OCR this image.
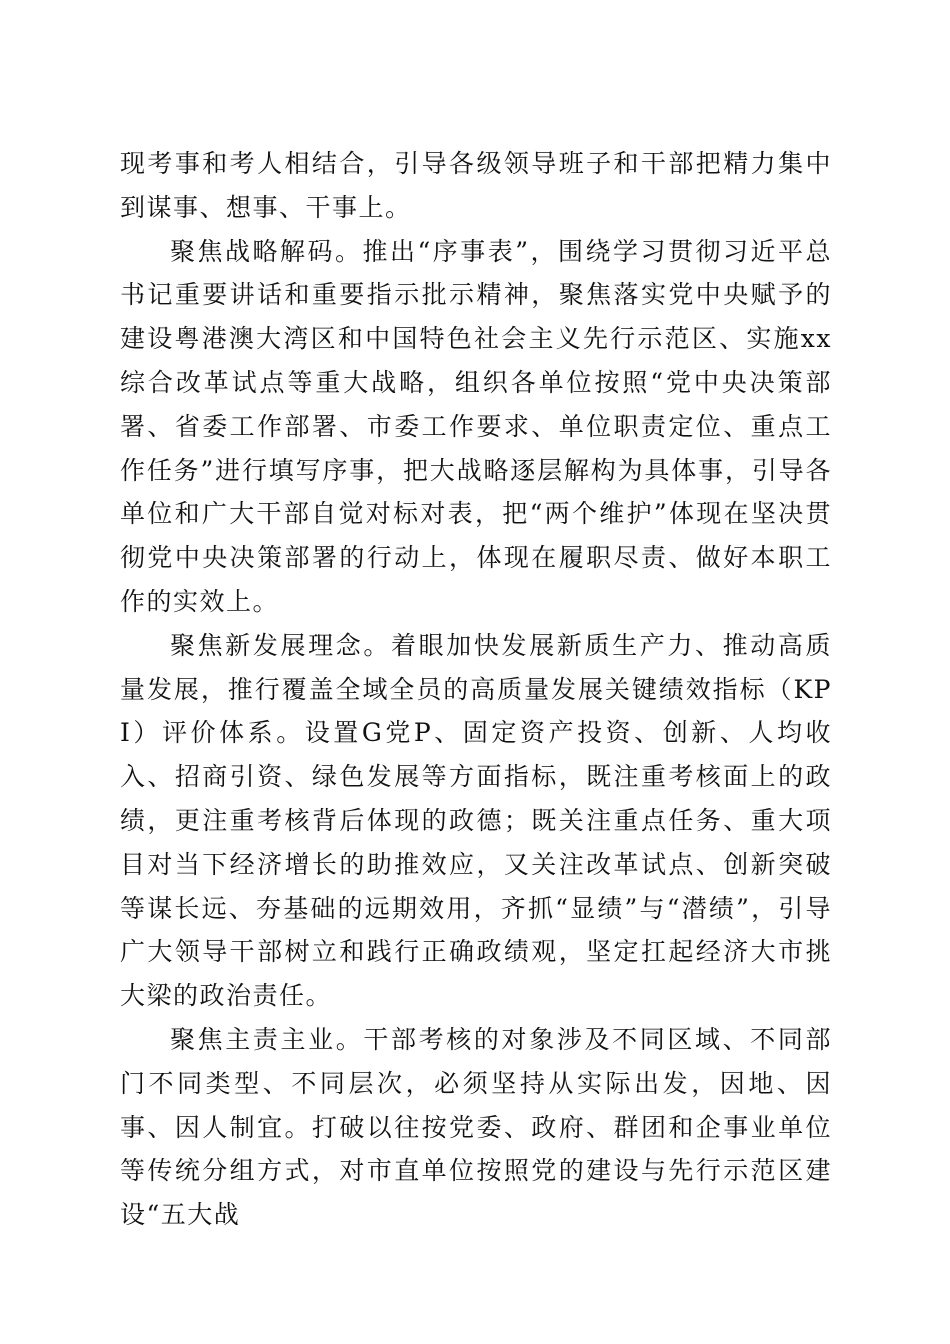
现考事和考人相结合，引导各级领导班子和干部把精力集中到谋事、想事、干事上。

聚焦战略解码。推出“序事表”，围绕学习贯彻习近平总书记重要讲话和重要指示批示精神，聚焦落实党中央赋予的建设粤港澳大湾区和中国特色社会主义先行示范区、实施xx综合改革试点等重大战略，组织各单位按照“党中央决策部署、省委工作部署、市委工作要求、单位职责定位、重点工作任务”进行填写序事，把大战略逐层解构为具体事，引导各单位和广大干部自觉对标对表，把“两个维护”体现在坚决贯彻党中央决策部署的行动上，体现在履职尽责、做好本职工作的实效上。

聚焦新发展理念。着眼加快发展新质生产力、推动高质量发展，推行覆盖全域全员的高质量发展关键绩效指标（KPI）评价体系。设置G党P、固定资产投资、创新、人均收入、招商引资、绿色发展等方面指标，既注重考核面上的政绩，更注重考核背后体现的政德；既关注重点任务、重大项目对当下经济增长的助推效应，又关注改革试点、创新突破等谋长远、夯基础的远期效用，齐抓“显绩”与“潜绩”，引导广大领导干部树立和践行正确政绩观，坚定扛起经济大市挑大梁的政治责任。

聚焦主责主业。干部考核的对象涉及不同区域、不同部门不同类型、不同层次，必须坚持从实际出发，因地、因事、因人制宜。打破以往按党委、政府、群团和企事业单位等传统分组方式，对市直单位按照党的建设与先行示范区建设“五大战
